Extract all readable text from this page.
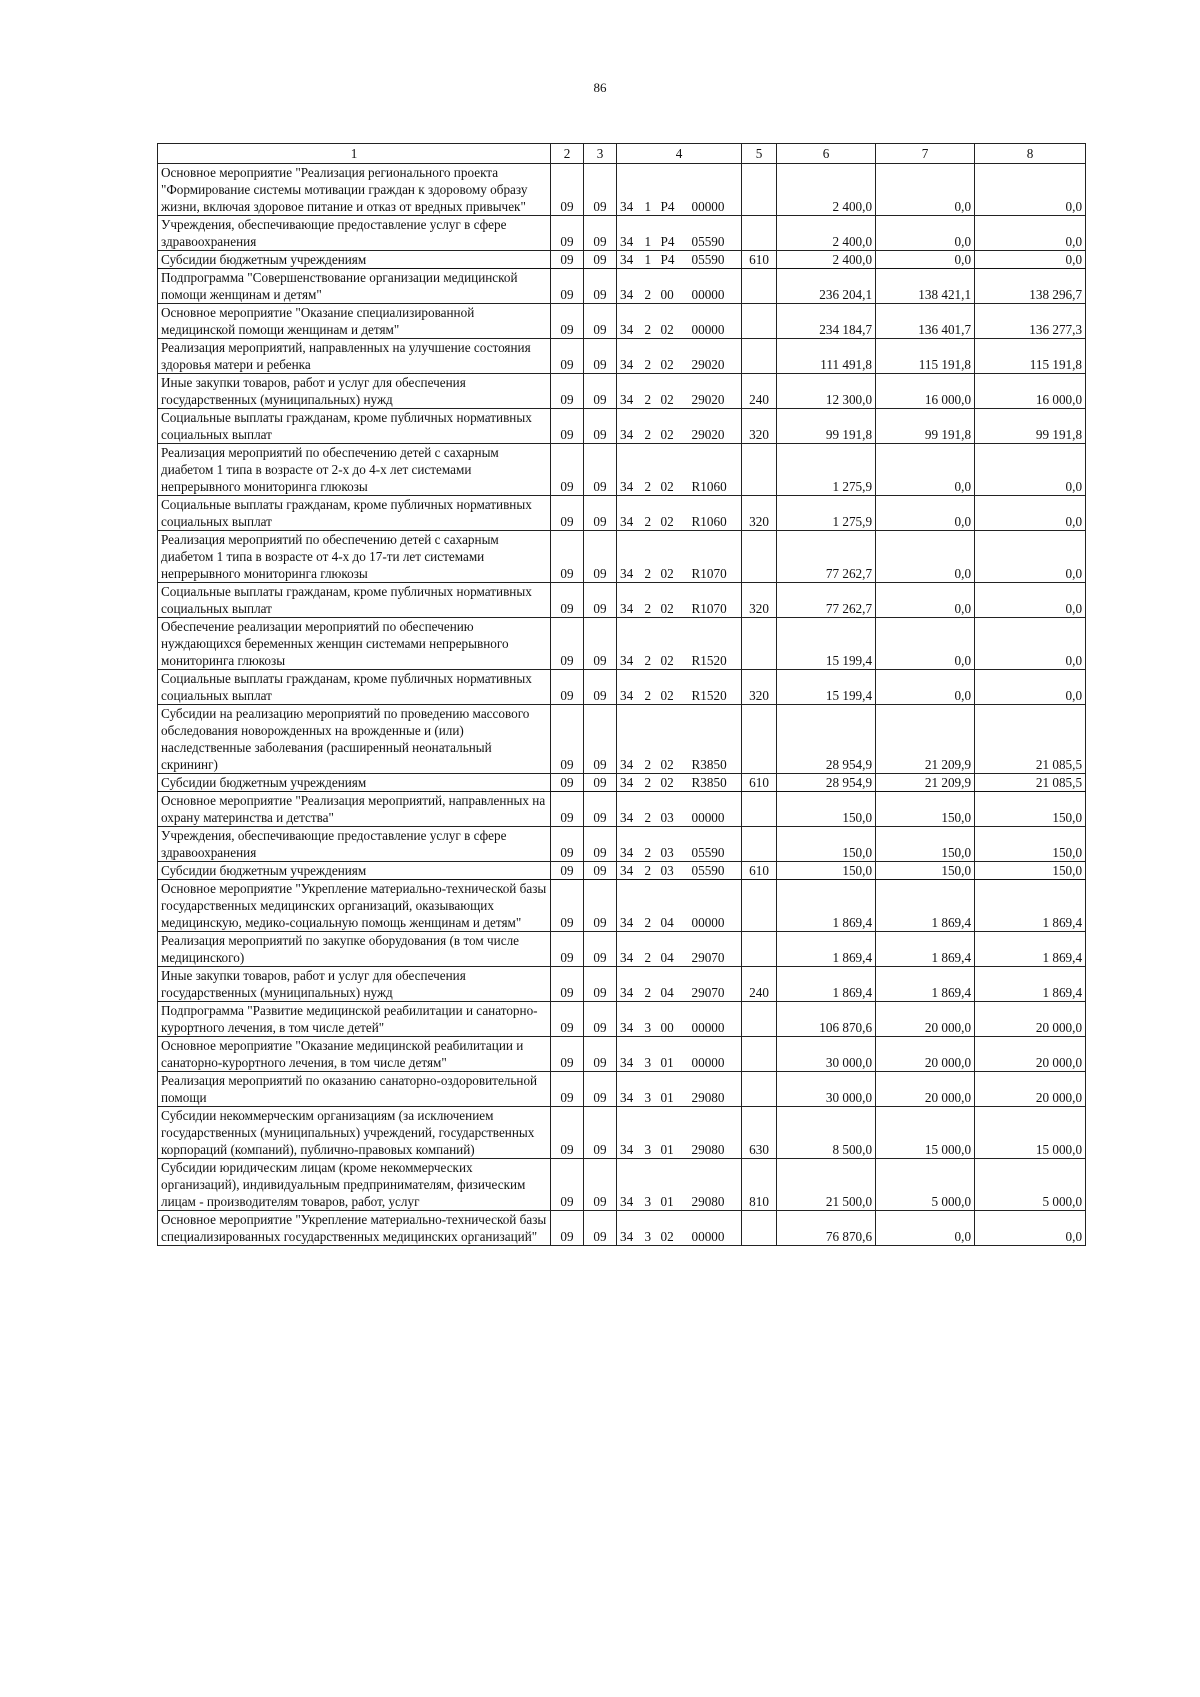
86
1	2	3	4				5	6	7	8
Основное мероприятие "Реализация регионального проекта "Формирование системы мотивации граждан к здоровому образу жизни, включая здоровое питание и отказ от вредных привычек"	09	09	34	1	P4	00000		2 400,0	0,0	0,0
Учреждения, обеспечивающие предоставление услуг в сфере здравоохранения	09	09	34	1	P4	05590		2 400,0	0,0	0,0
Субсидии бюджетным учреждениям	09	09	34	1	P4	05590	610	2 400,0	0,0	0,0
Подпрограмма "Совершенствование организации медицинской помощи женщинам и детям"	09	09	34	2	00	00000		236 204,1	138 421,1	138 296,7
Основное мероприятие "Оказание специализированной медицинской помощи женщинам и детям"	09	09	34	2	02	00000		234 184,7	136 401,7	136 277,3
Реализация мероприятий, направленных на улучшение состояния здоровья матери и ребенка	09	09	34	2	02	29020		111 491,8	115 191,8	115 191,8
Иные закупки товаров, работ и услуг для обеспечения государственных (муниципальных) нужд	09	09	34	2	02	29020	240	12 300,0	16 000,0	16 000,0
Социальные выплаты гражданам, кроме публичных нормативных социальных выплат	09	09	34	2	02	29020	320	99 191,8	99 191,8	99 191,8
Реализация мероприятий по обеспечению детей с сахарным диабетом 1 типа в возрасте от 2-х до 4-х лет системами непрерывного мониторинга глюкозы	09	09	34	2	02	R1060		1 275,9	0,0	0,0
Социальные выплаты гражданам, кроме публичных нормативных социальных выплат	09	09	34	2	02	R1060	320	1 275,9	0,0	0,0
Реализация мероприятий по обеспечению детей с сахарным диабетом 1 типа в возрасте от 4-х до 17-ти лет системами непрерывного мониторинга глюкозы	09	09	34	2	02	R1070		77 262,7	0,0	0,0
Социальные выплаты гражданам, кроме публичных нормативных социальных выплат	09	09	34	2	02	R1070	320	77 262,7	0,0	0,0
Обеспечение реализации мероприятий по обеспечению нуждающихся беременных женщин системами непрерывного мониторинга глюкозы	09	09	34	2	02	R1520		15 199,4	0,0	0,0
Социальные выплаты гражданам, кроме публичных нормативных социальных выплат	09	09	34	2	02	R1520	320	15 199,4	0,0	0,0
Субсидии на реализацию мероприятий по проведению массового обследования новорожденных на врожденные и (или) наследственные заболевания (расширенный неонатальный скрининг)	09	09	34	2	02	R3850		28 954,9	21 209,9	21 085,5
Субсидии бюджетным учреждениям	09	09	34	2	02	R3850	610	28 954,9	21 209,9	21 085,5
Основное мероприятие "Реализация мероприятий, направленных на охрану материнства и детства"	09	09	34	2	03	00000		150,0	150,0	150,0
Учреждения, обеспечивающие предоставление услуг в сфере здравоохранения	09	09	34	2	03	05590		150,0	150,0	150,0
Субсидии бюджетным учреждениям	09	09	34	2	03	05590	610	150,0	150,0	150,0
Основное мероприятие "Укрепление материально-технической базы государственных медицинских организаций, оказывающих медицинскую, медико-социальную помощь женщинам и детям"	09	09	34	2	04	00000		1 869,4	1 869,4	1 869,4
Реализация мероприятий по закупке оборудования (в том числе медицинского)	09	09	34	2	04	29070		1 869,4	1 869,4	1 869,4
Иные закупки товаров, работ и услуг для обеспечения государственных (муниципальных) нужд	09	09	34	2	04	29070	240	1 869,4	1 869,4	1 869,4
Подпрограмма "Развитие медицинской реабилитации и санаторно-курортного лечения, в том числе детей"	09	09	34	3	00	00000		106 870,6	20 000,0	20 000,0
Основное мероприятие "Оказание медицинской реабилитации и санаторно-курортного лечения, в том числе детям"	09	09	34	3	01	00000		30 000,0	20 000,0	20 000,0
Реализация мероприятий по оказанию санаторно-оздоровительной помощи	09	09	34	3	01	29080		30 000,0	20 000,0	20 000,0
Субсидии некоммерческим организациям (за исключением государственных (муниципальных) учреждений, государственных корпораций (компаний), публично-правовых компаний)	09	09	34	3	01	29080	630	8 500,0	15 000,0	15 000,0
Субсидии юридическим лицам (кроме некоммерческих организаций), индивидуальным предпринимателям, физическим лицам - производителям товаров, работ, услуг	09	09	34	3	01	29080	810	21 500,0	5 000,0	5 000,0
Основное мероприятие "Укрепление материально-технической базы специализированных государственных медицинских организаций"	09	09	34	3	02	00000		76 870,6	0,0	0,0
